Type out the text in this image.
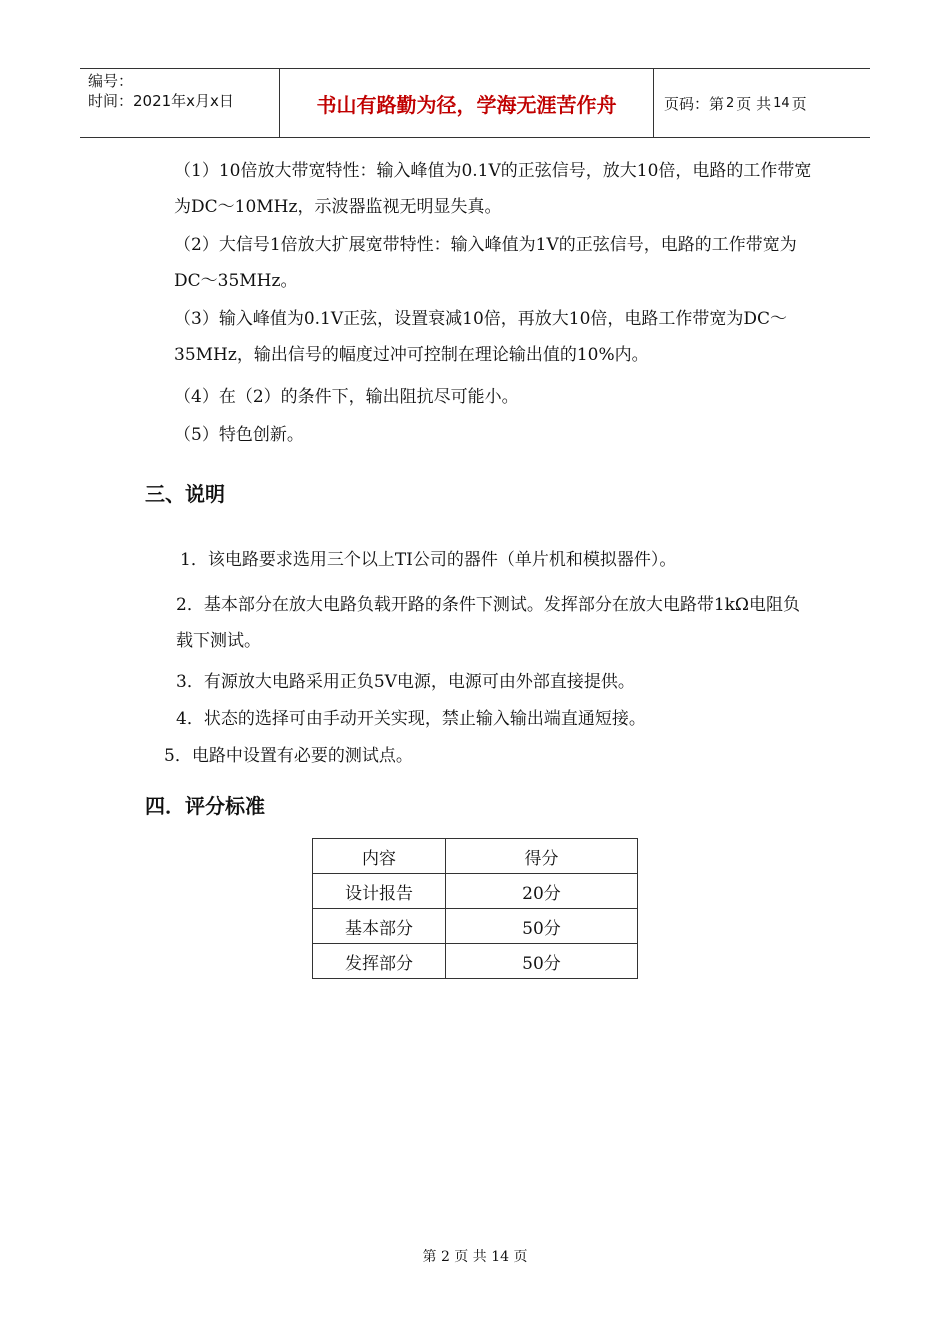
编号：
时间：2021年x月x日	书山有路勤为径，学海无涯苦作舟	页码：第 2 页 共 14 页
（1）10倍放大带宽特性：输入峰值为0.1V的正弦信号，放大10倍，电路的工作带宽为DC～10MHz，示波器监视无明显失真。
（2）大信号1倍放大扩展宽带特性：输入峰值为1V的正弦信号，电路的工作带宽为DC～35MHz。
（3）输入峰值为0.1V正弦，设置衰减10倍，再放大10倍，电路工作带宽为DC～35MHz，输出信号的幅度过冲可控制在理论输出值的10%内。
（4）在（2）的条件下，输出阻抗尽可能小。
（5）特色创新。
三、说明
1．该电路要求选用三个以上TI公司的器件（单片机和模拟器件）。
2．基本部分在放大电路负载开路的条件下测试。发挥部分在放大电路带1kΩ电阻负载下测试。
3．有源放大电路采用正负5V电源，电源可由外部直接提供。
4．状态的选择可由手动开关实现，禁止输入输出端直通短接。
5．电路中设置有必要的测试点。
四．评分标准
内容	得分
设计报告	20分
基本部分	50分
发挥部分	50分
第 2 页 共 14 页
